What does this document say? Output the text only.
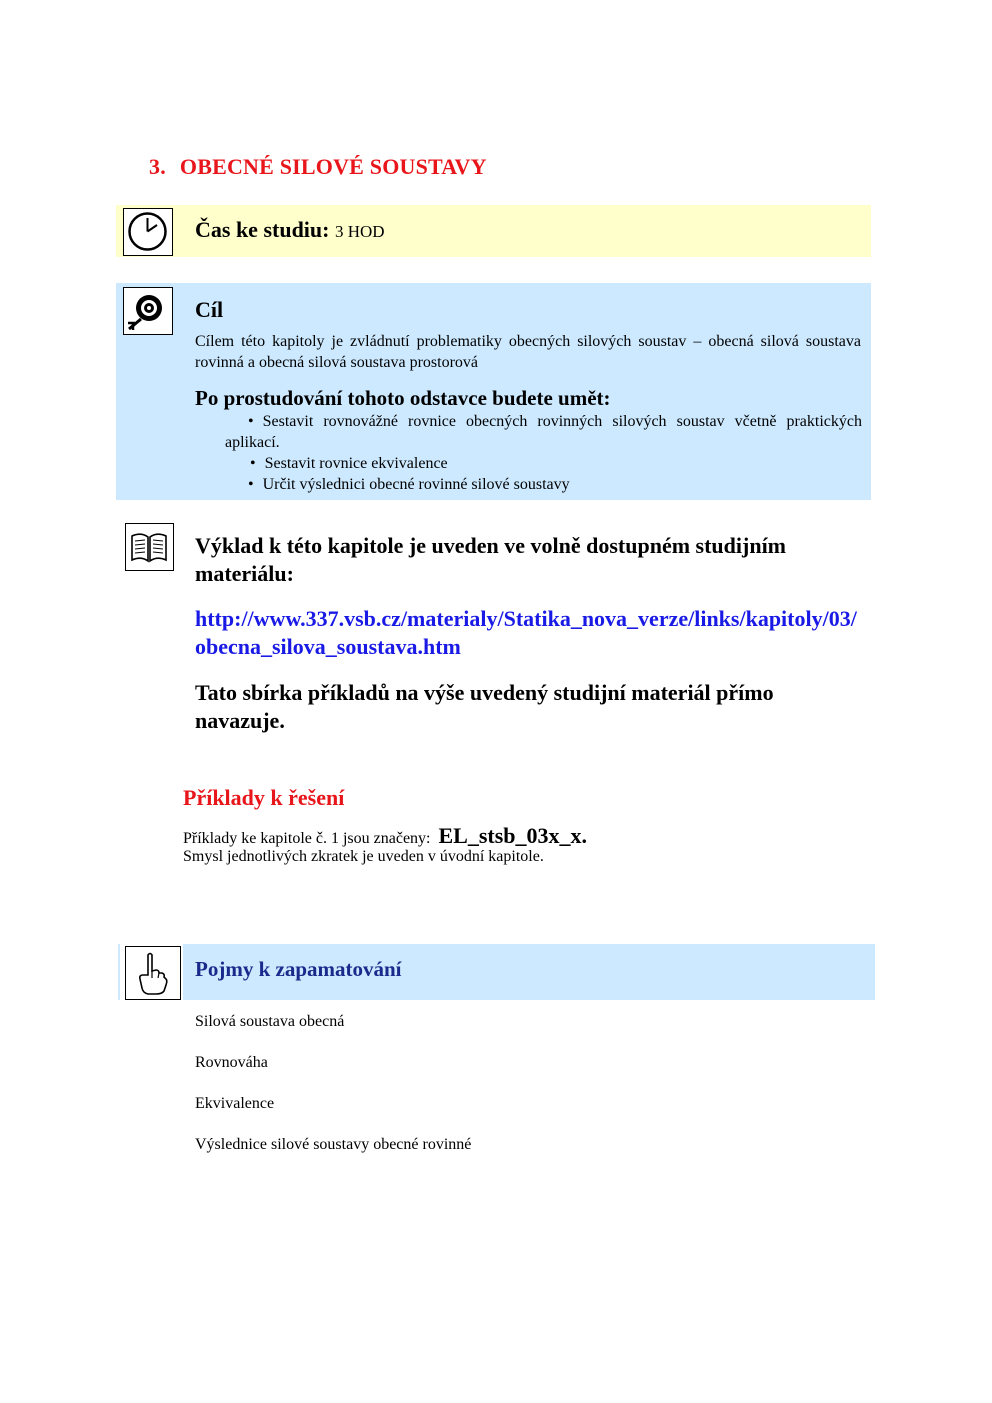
3. OBECNÉ SILOVÉ SOUSTAVY
Čas ke studiu: 3 HOD
Cíl
Cílem této kapitoly je zvládnutí problematiky obecných silových soustav – obecná silová soustava rovinná a obecná silová soustava prostorová
Po prostudování tohoto odstavce budete umět:
• Sestavit rovnovážné rovnice obecných rovinných silových soustav včetně praktických aplikací.
• Sestavit rovnice ekvivalence
• Určit výslednici obecné rovinné silové soustavy
Výklad k této kapitole je uveden ve volně dostupném studijním materiálu:
http://www.337.vsb.cz/materialy/Statika_nova_verze/links/kapitoly/03/obecna_silova_soustava.htm
Tato sbírka příkladů na výše uvedený studijní materiál přímo navazuje.
Příklady k řešení
Příklady ke kapitole č. 1 jsou značeny: EL_stsb_03x_x.
Smysl jednotlivých zkratek je uveden v úvodní kapitole.
Pojmy k zapamatování
Silová soustava obecná
Rovnováha
Ekvivalence
Výslednice silové soustavy obecné rovinné
